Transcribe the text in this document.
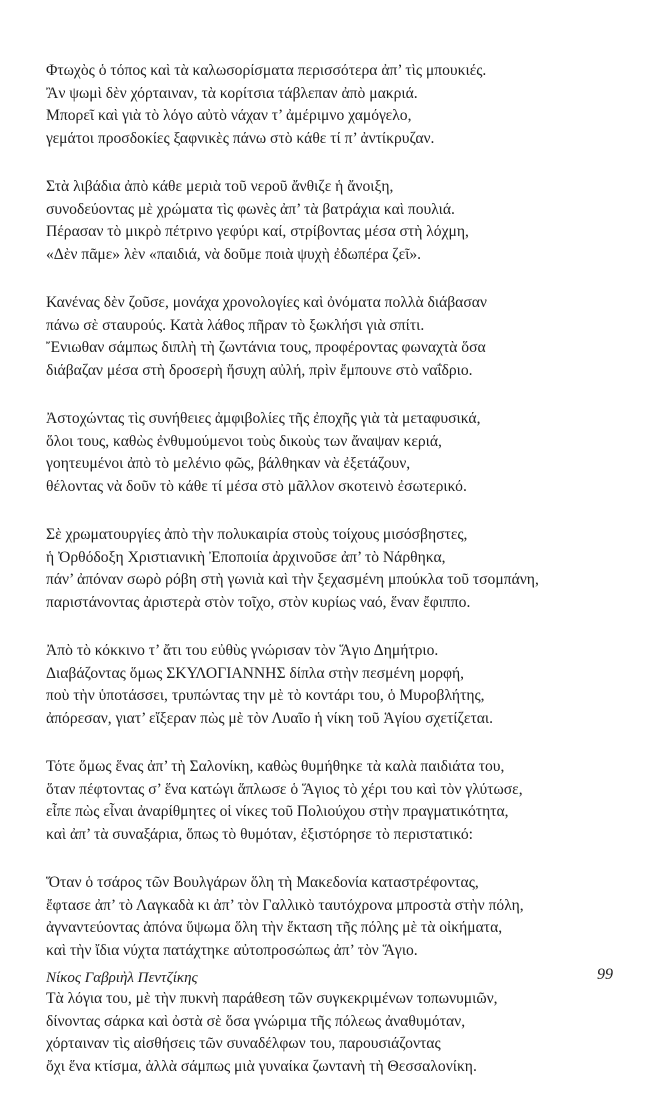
Φτωχὸς ὁ τόπος καὶ τὰ καλωσορίσματα περισσότερα ἀπ’ τὶς μπουκιές.
Ἂν ψωμὶ δὲν χόρταιναν, τὰ κορίτσια τάβλεπαν ἀπὸ μακριά.
Μπορεῖ καὶ γιὰ τὸ λόγο αὐτὸ νάχαν τ’ ἀμέριμνο χαμόγελο,
γεμάτοι προσδοκίες ξαφνικὲς πάνω στὸ κάθε τί π’ ἀντίκρυζαν.
Στὰ λιβάδια ἀπὸ κάθε μεριὰ τοῦ νεροῦ ἄνθιζε ἡ ἄνοιξη,
συνοδεύοντας μὲ χρώματα τὶς φωνὲς ἀπ’ τὰ βατράχια καὶ πουλιά.
Πέρασαν τὸ μικρὸ πέτρινο γεφύρι καί, στρίβοντας μέσα στὴ λόχμη,
«Δὲν πᾶμε» λὲν «παιδιά, νὰ δοῦμε ποιὰ ψυχὴ ἐδωπέρα ζεῖ».
Κανένας δὲν ζοῦσε, μονάχα χρονολογίες καὶ ὀνόματα πολλὰ διάβασαν
πάνω σὲ σταυρούς. Κατὰ λάθος πῆραν τὸ ξωκλήσι γιὰ σπίτι.
Ἔνιωθαν σάμπως διπλὴ τὴ ζωντάνια τους, προφέροντας φωναχτὰ ὅσα
διάβαζαν μέσα στὴ δροσερὴ ἥσυχη αὐλή, πρὶν ἔμπουνε στὸ ναΐδριο.
Ἀστοχώντας τὶς συνήθειες ἀμφιβολίες τῆς ἐποχῆς γιὰ τὰ μεταφυσικά,
ὅλοι τους, καθὼς ἐνθυμούμενοι τοὺς δικοὺς των ἄναψαν κεριά,
γοητευμένοι ἀπὸ τὸ μελένιο φῶς, βάλθηκαν νὰ ἐξετάζουν,
θέλοντας νὰ δοῦν τὸ κάθε τί μέσα στὸ μᾶλλον σκοτεινὸ ἐσωτερικό.
Σὲ χρωματουργίες ἀπὸ τὴν πολυκαιρία στοὺς τοίχους μισόσβηστες,
ἡ Ὀρθόδοξη Χριστιανικὴ Ἐποποιία ἀρχινοῦσε ἀπ’ τὸ Νάρθηκα,
πάν’ ἀπόναν σωρὸ ρόβη στὴ γωνιὰ καὶ τὴν ξεχασμένη μπούκλα τοῦ τσομπάνη,
παριστάνοντας ἀριστερὰ στὸν τοῖχο, στὸν κυρίως ναό, ἕναν ἔφιππο.
Ἀπὸ τὸ κόκκινο τ’ ἄτι του εὐθὺς γνώρισαν τὸν Ἅγιο Δημήτριο.
Διαβάζοντας ὅμως ΣΚΥΛΟΓΙΑΝΝΗΣ δίπλα στὴν πεσμένη μορφή,
ποὺ τὴν ὑποτάσσει, τρυπώντας την μὲ τὸ κοντάρι του, ὁ Μυροβλήτης,
ἀπόρεσαν, γιατ’ εἴξεραν πὼς μὲ τὸν Λυαῖο ἡ νίκη τοῦ Ἁγίου σχετίζεται.
Τότε ὅμως ἕνας ἀπ’ τὴ Σαλονίκη, καθὼς θυμήθηκε τὰ καλὰ παιδιάτα του,
ὅταν πέφτοντας σ’ ἕνα κατώγι ἅπλωσε ὁ Ἅγιος τὸ χέρι του καὶ τὸν γλύτωσε,
εἶπε πὼς εἶναι ἀναρίθμητες οἱ νίκες τοῦ Πολιούχου στὴν πραγματικότητα,
καὶ ἀπ’ τὰ συναξάρια, ὅπως τὸ θυμόταν, ἐξιστόρησε τὸ περιστατικό:
Ὅταν ὁ τσάρος τῶν Βουλγάρων ὅλη τὴ Μακεδονία καταστρέφοντας,
ἔφτασε ἀπ’ τὸ Λαγκαδὰ κι ἀπ’ τὸν Γαλλικὸ ταυτόχρονα μπροστὰ στὴν πόλη,
ἀγναντεύοντας ἀπόνα ὕψωμα ὅλη τὴν ἔκταση τῆς πόλης μὲ τὰ οἰκήματα,
καὶ τὴν ἴδια νύχτα πατάχτηκε αὐτοπροσώπως ἀπ’ τὸν Ἅγιο.
Τὰ λόγια του, μὲ τὴν πυκνὴ παράθεση τῶν συγκεκριμένων τοπωνυμιῶν,
δίνοντας σάρκα καὶ ὀστὰ σὲ ὅσα γνώριμα τῆς πόλεως ἀναθυμόταν,
χόρταιναν τὶς αἰσθήσεις τῶν συναδέλφων του, παρουσιάζοντας
ὄχι ἕνα κτίσμα, ἀλλὰ σάμπως μιὰ γυναίκα ζωντανὴ τὴ Θεσσαλονίκη.
Νίκος Γαβριὴλ Πεντζίκης	99
